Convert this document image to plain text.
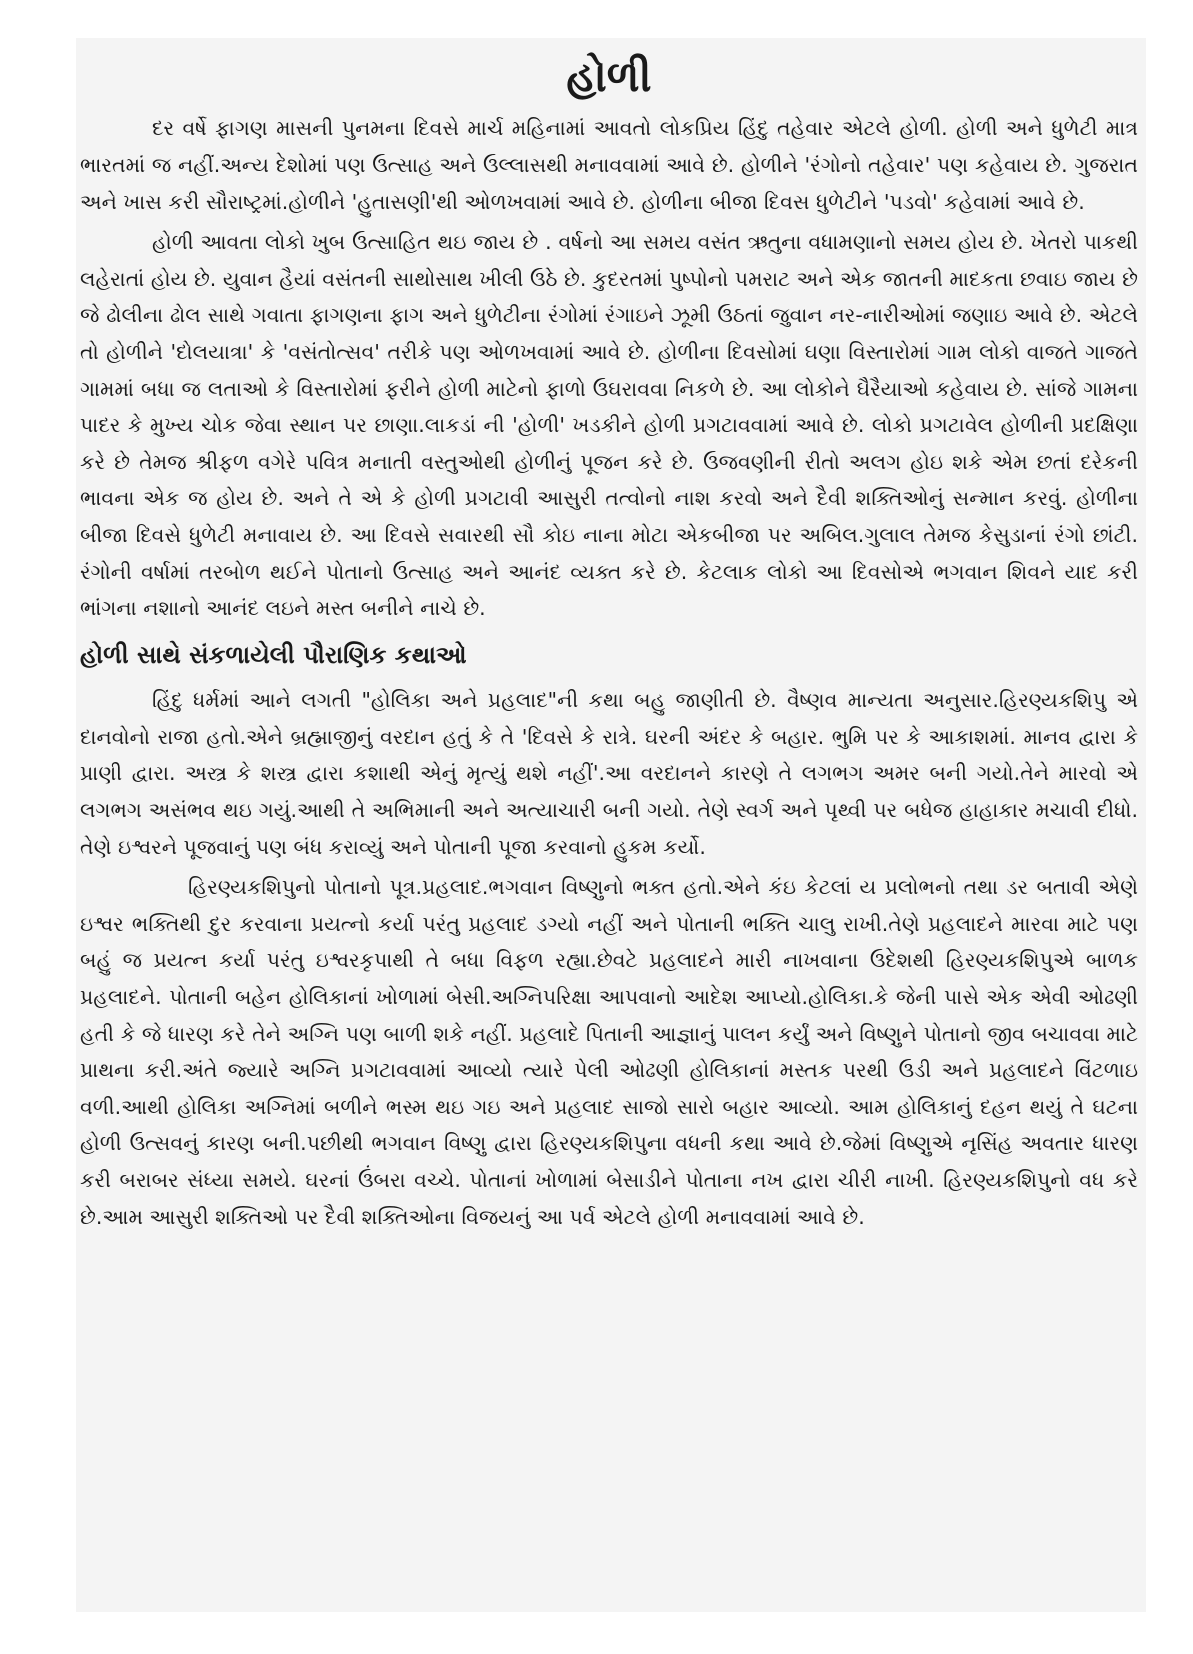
હોળી

દર વર્ષે ફાગણ માસની પુનમના દિવસે માર્ચ મહિનામાં આવતો લોકપ્રિય હિંદુ તહેવાર એટલે હોળી. હોળી અને ધુળેટી માત્ર ભારતમાં જ નહીં.અન્ય દેશોમાં પણ ઉત્સાહ અને ઉલ્લાસથી મનાવવામાં આવે છે. હોળીને 'રંગોનો તહેવાર' પણ કહેવાય છે. ગુજરાત અને ખાસ કરી સૌરાષ્ટ્રમાં.હોળીને 'હુતાસણી'થી ઓળખવામાં આવે છે. હોળીના બીજા દિવસ ધુળેટીને 'પડવો' કહેવામાં આવે છે.

હોળી આવતા લોકો ખુબ ઉત્સાહિત થઇ જાય છે . વર્ષનો આ સમય વસંત ઋતુના વધામણાનો સમય હોય છે. ખેતરો પાકથી લહેરાતાં હોય છે. યુવાન હૈયાં વસંતની સાથોસાથ ખીલી ઉઠે છે. કુદરતમાં પુષ્પોનો પમરાટ અને એક જાતની માદકતા છવાઇ જાય છે જે ઢોલીના ઢોલ સાથે ગવાતા ફાગણના ફાગ અને ધુળેટીના રંગોમાં રંગાઇને ઝૂમી ઉઠતાં જુવાન નર-નારીઓમાં જણાઇ આવે છે. એટલે તો હોળીને 'દોલયાત્રા' કે 'વસંતોત્સવ' તરીકે પણ ઓળખવામાં આવે છે. હોળીના દિવસોમાં ઘણા વિસ્તારોમાં ગામ લોકો વાજતે ગાજતે ગામમાં બધા જ લતાઓ કે વિસ્તારોમાં ફરીને હોળી માટેનો ફાળો ઉઘરાવવા નિકળે છે. આ લોકોને ઘૈરૈયાઓ કહેવાય છે. સાંજે ગામના પાદર કે મુખ્ય ચોક જેવા સ્થાન પર છાણા.લાકડાં ની 'હોળી' ખડકીને હોળી પ્રગટાવવામાં આવે છે. લોકો પ્રગટાવેલ હોળીની પ્રદક્ષિણા કરે છે તેમજ શ્રીફળ વગેરે પવિત્ર મનાતી વસ્તુઓથી હોળીનું પૂજન કરે છે. ઉજવણીની રીતો અલગ હોઇ શકે એમ છતાં દરેકની ભાવના એક જ હોય છે. અને તે એ કે હોળી પ્રગટાવી આસુરી તત્વોનો નાશ કરવો અને દૈવી શક્તિઓનું સન્માન કરવું. હોળીના બીજા દિવસે ધુળેટી મનાવાય છે. આ દિવસે સવારથી સૌ કોઇ નાના મોટા એકબીજા પર અબિલ.ગુલાલ તેમજ કેસુડાનાં રંગો છાંટી. રંગોની વર્ષામાં તરબોળ થઈને પોતાનો ઉત્સાહ અને આનંદ વ્યક્ત કરે છે. કેટલાક લોકો આ દિવસોએ ભગવાન શિવને યાદ કરી ભાંગના નશાનો આનંદ લઇને મસ્ત બનીને નાચે છે.

હોળી સાથે સંકળાયેલી પૌરાણિક કથાઓ

હિંદુ ધર્મમાં આને લગતી "હોલિકા અને પ્રહલાદ"ની કથા બહુ જાણીતી છે. વૈષ્ણવ માન્યતા અનુસાર.હિરણ્યકશિપુ એ દાનવોનો રાજા હતો.એને બ્રહ્માજીનું વરદાન હતું કે તે 'દિવસે કે રાત્રે. ઘરની અંદર કે બહાર. ભુમિ પર કે આકાશમાં. માનવ દ્વારા કે પ્રાણી દ્વારા. અસ્ત્ર કે શસ્ત્ર દ્વારા કશાથી એનું મૃત્યું થશે નહીં'.આ વરદાનને કારણે તે લગભગ અમર બની ગયો.તેને મારવો એ લગભગ અસંભવ થઇ ગયું.આથી તે અભિમાની અને અત્યાચારી બની ગયો. તેણે સ્વર્ગ અને પૃથ્વી પર બધેજ હાહાકાર મચાવી દીધો. તેણે ઇશ્વરને પૂજવાનું પણ બંધ કરાવ્યું અને પોતાની પૂજા કરવાનો હુકમ કર્યો.

હિરણ્યકશિપુનો પોતાનો પૂત્ર.પ્રહલાદ.ભગવાન વિષ્ણુનો ભક્ત હતો.એને કંઇ કેટલાં ય પ્રલોભનો તથા ડર બતાવી એણે ઇશ્વર ભક્તિથી દુર કરવાના પ્રયત્નો કર્યા પરંતુ પ્રહલાદ ડગ્યો નહીં અને પોતાની ભક્તિ ચાલુ રાખી.તેણે પ્રહલાદને મારવા માટે પણ બહું જ પ્રયત્ન કર્યા પરંતુ ઇશ્વરકૃપાથી તે બધા વિફળ રહ્યા.છેવટે પ્રહલાદને મારી નાખવાના ઉદેશથી હિરણ્યકશિપુએ બાળક પ્રહલાદને. પોતાની બહેન હોલિકાનાં ખોળામાં બેસી.અગ્નિપરિક્ષા આપવાનો આદેશ આપ્યો.હોલિકા.કે જેની પાસે એક એવી ઓઢણી હતી કે જે ધારણ કરે તેને અગ્નિ પણ બાળી શકે નહીં. પ્રહલાદે પિતાની આજ્ઞાનું પાલન કર્યું અને વિષ્ણુને પોતાનો જીવ બચાવવા માટે પ્રાથના કરી.અંતે જ્યારે અગ્નિ પ્રગટાવવામાં આવ્યો ત્યારે પેલી ઓઢણી હોલિકાનાં મસ્તક પરથી ઉડી અને પ્રહલાદને વિંટળાઇ વળી.આથી હોલિકા અગ્નિમાં બળીને ભસ્મ થઇ ગઇ અને પ્રહલાદ સાજો સારો બહાર આવ્યો. આમ હોલિકાનું દહન થયું તે ઘટના હોળી ઉત્સવનું કારણ બની.પછીથી ભગવાન વિષ્ણુ દ્વારા હિરણ્યકશિપુના વધની કથા આવે છે.જેમાં વિષ્ણુએ નૃસિંહ અવતાર ધારણ કરી બરાબર સંધ્યા સમયે. ઘરનાં ઉંબરા વચ્ચે. પોતાનાં ખોળામાં બેસાડીને પોતાના નખ દ્વારા ચીરી નાખી. હિરણ્યકશિપુનો વધ કરે છે.આમ આસુરી શક્તિઓ પર દૈવી શક્તિઓના વિજયનું આ પર્વ એટલે હોળી મનાવવામાં આવે છે.
